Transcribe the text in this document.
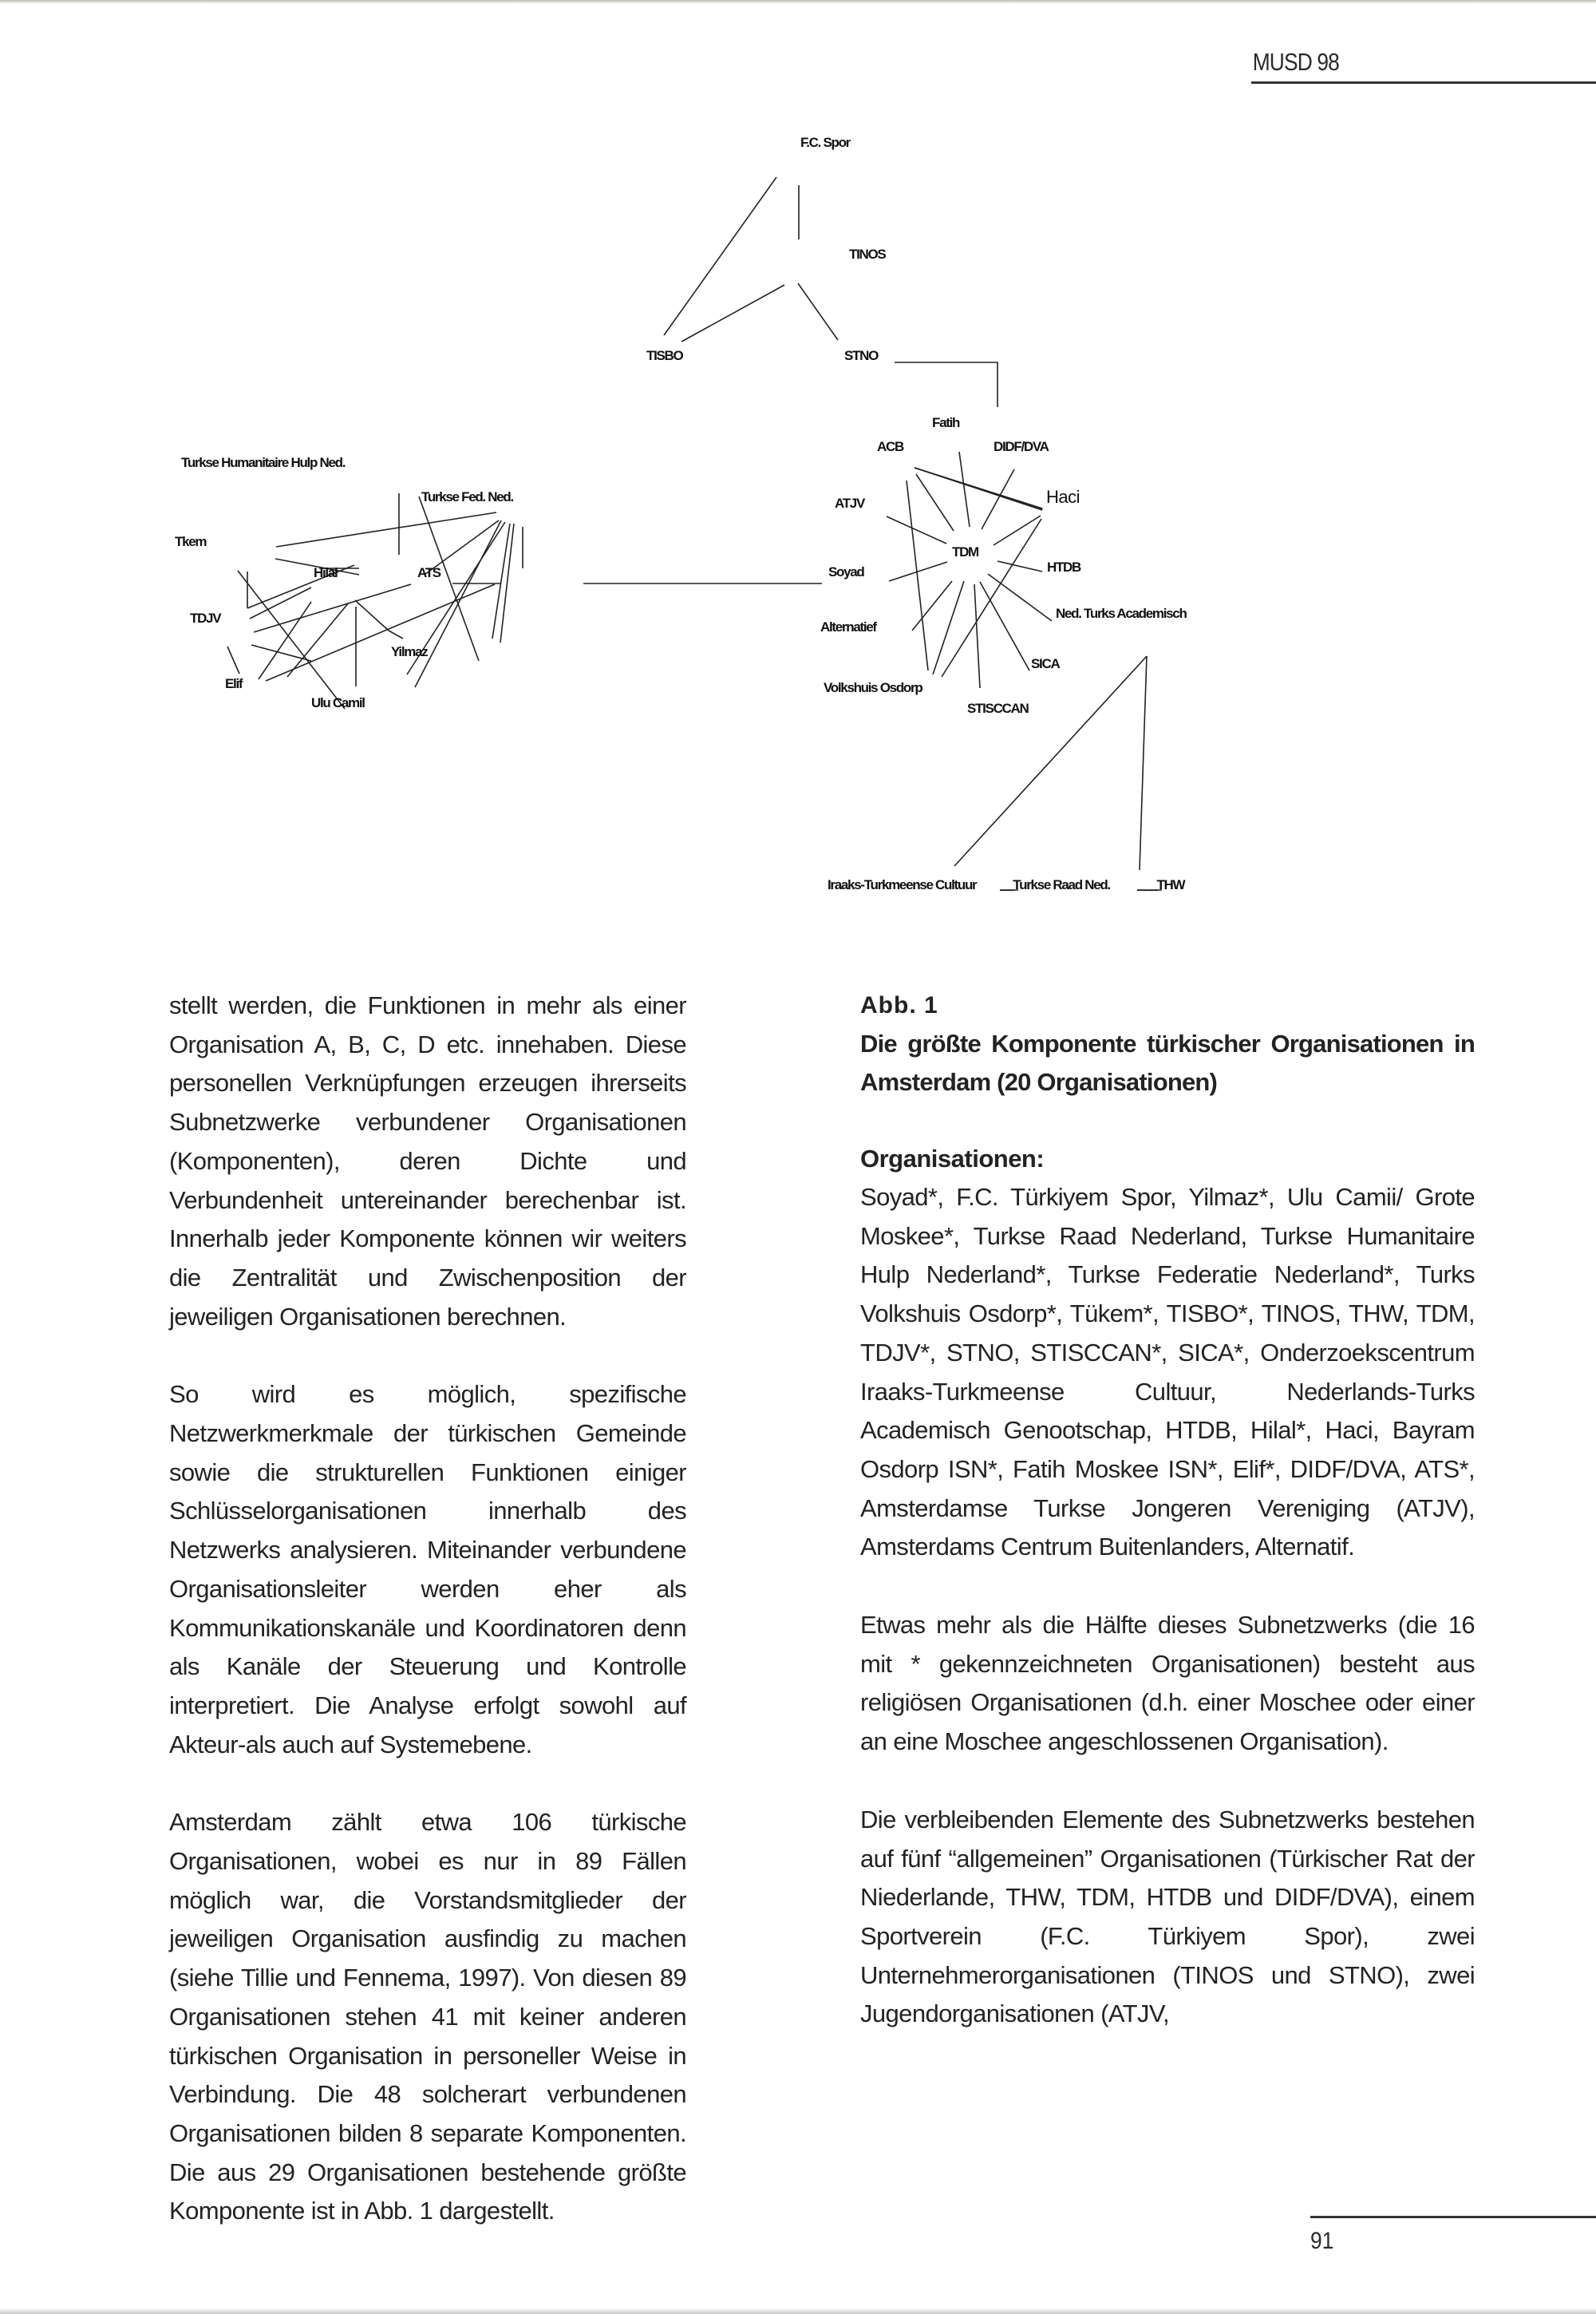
MUSD 98
F.C. Spor
TINOS
TISBO	STNO
Turkse Humanitaire Hulp Ned.
Turkse Fed. Ned.
Tkem
Hilal	ATS
TDJV
Yilmaz
Elif
Ulu Camil
Fatih
ACB	DIDF/DVA
ATJV	Haci
TDM
Soyad	HTDB
Ned. Turks Academisch
Alternatief
SICA
Volkshuis Osdorp
STISCCAN
Iraaks-Turkmeense Cultuur __Turkse Raad Ned. ___THW

stellt werden, die Funktionen in mehr als einer Organisation A, B, C, D etc. innehaben. Diese personellen Verknüpfungen erzeugen ihrerseits Subnetzwerke verbundener Organisationen (Komponenten), deren Dichte und Verbundenheit untereinander berechenbar ist. Innerhalb jeder Komponente können wir weiters die Zentralität und Zwischenposition der jeweiligen Organisationen berechnen.

So wird es möglich, spezifische Netzwerkmerkmale der türkischen Gemeinde sowie die strukturellen Funktionen einiger Schlüsselorganisationen innerhalb des Netzwerks analysieren. Miteinander verbundene Organisationsleiter werden eher als Kommunikationskanäle und Koordinatoren denn als Kanäle der Steuerung und Kontrolle interpretiert. Die Analyse erfolgt sowohl auf Akteur-als auch auf Systemebene.

Amsterdam zählt etwa 106 türkische Organisationen, wobei es nur in 89 Fällen möglich war, die Vorstandsmitglieder der jeweiligen Organisation ausfindig zu machen (siehe Tillie und Fennema, 1997). Von diesen 89 Organisationen stehen 41 mit keiner anderen türkischen Organisation in personeller Weise in Verbindung. Die 48 solcherart verbundenen Organisationen bilden 8 separate Komponenten. Die aus 29 Organisationen bestehende größte Komponente ist in Abb. 1 dargestellt.

Abb. 1
Die größte Komponente türkischer Organisationen in Amsterdam (20 Organisationen)
Organisationen:

Soyad*, F.C. Türkiyem Spor, Yilmaz*, Ulu Camii/ Grote Moskee*, Turkse Raad Nederland, Turkse Humanitaire Hulp Nederland*, Turkse Federatie Nederland*, Turks Volkshuis Osdorp*, Tükem*, TISBO*, TINOS, THW, TDM, TDJV*, STNO, STISCCAN*, SICA*, Onderzoekscentrum Iraaks-Turkmeense Cultuur, Nederlands-Turks Academisch Genootschap, HTDB, Hilal*, Haci, Bayram Osdorp ISN*, Fatih Moskee ISN*, Elif*, DIDF/DVA, ATS*, Amsterdamse Turkse Jongeren Vereniging (ATJV), Amsterdams Centrum Buitenlanders, Alternatif.

Etwas mehr als die Hälfte dieses Subnetzwerks (die 16 mit * gekennzeichneten Organisationen) besteht aus religiösen Organisationen (d.h. einer Moschee oder einer an eine Moschee angeschlossenen Organisation).

Die verbleibenden Elemente des Subnetzwerks bestehen auf fünf “allgemeinen” Organisationen (Türkischer Rat der Niederlande, THW, TDM, HTDB und DIDF/DVA), einem Sportverein (F.C. Türkiyem Spor), zwei Unternehmerorganisationen (TINOS und STNO), zwei Jugendorganisationen (ATJV,

91
